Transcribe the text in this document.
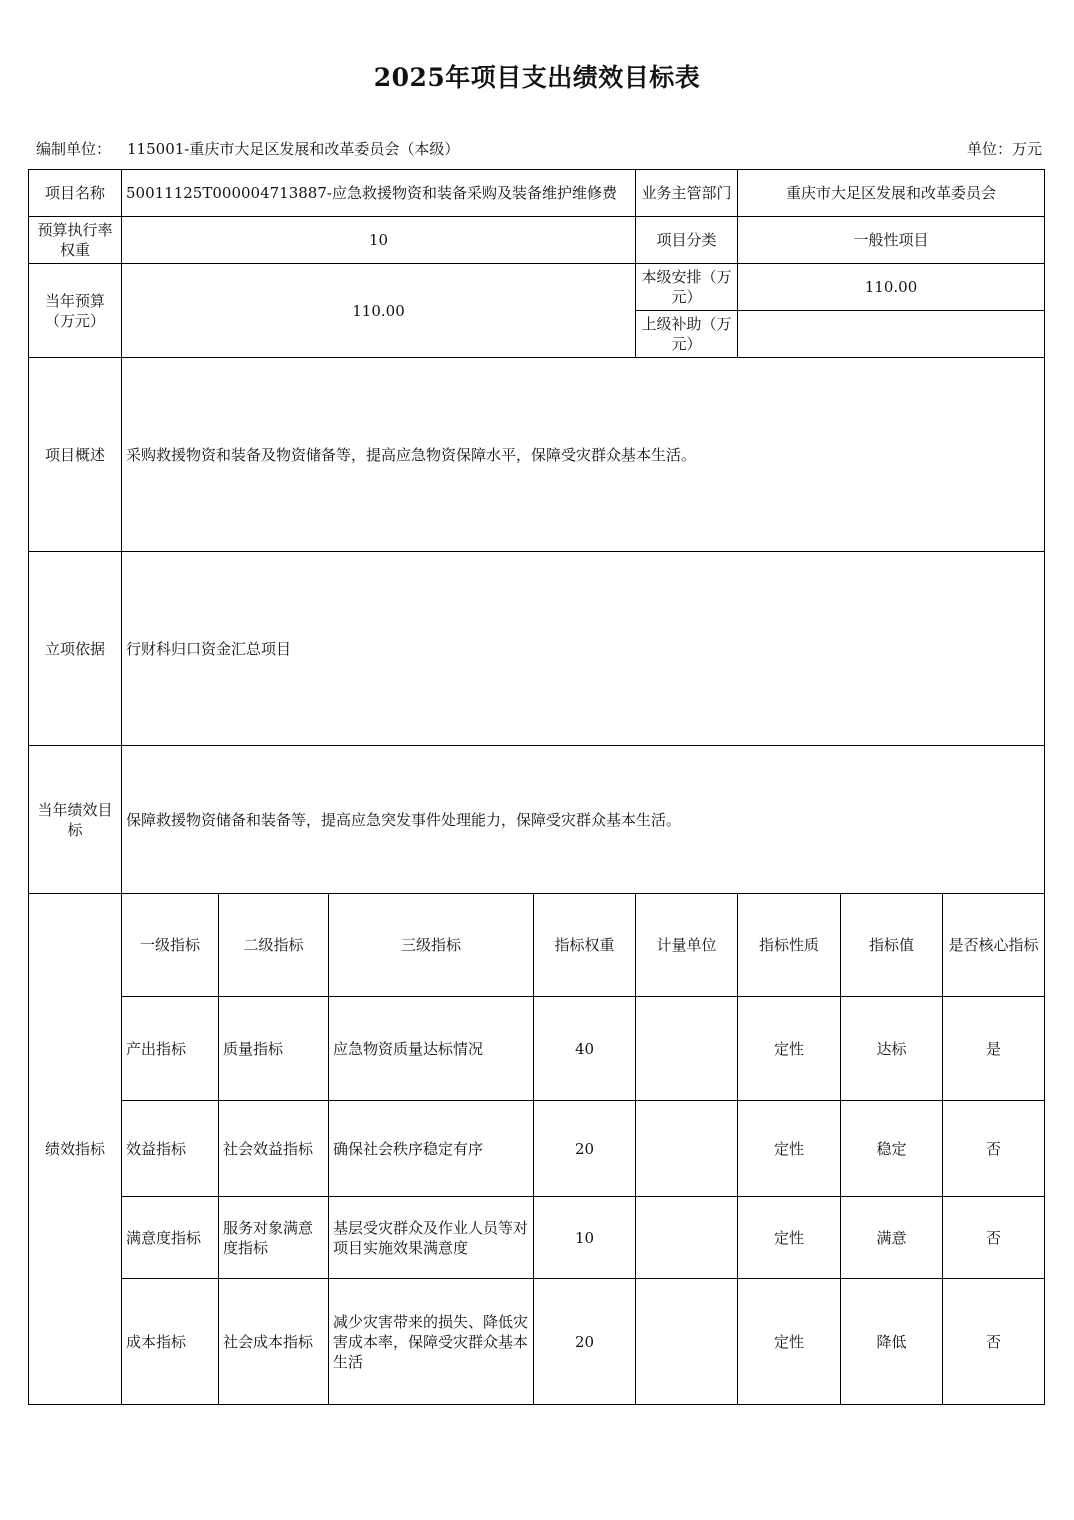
2025年项目支出绩效目标表
编制单位： 115001-重庆市大足区发展和改革委员会（本级）	单位：万元
项目名称	50011125T000004713887-应急救援物资和装备采购及装备维护维修费				业务主管部门	重庆市大足区发展和改革委员会		
预算执行率权重	10				项目分类	一般性项目		
当年预算（万元）	110.00				本级安排（万元）	110.00		
					上级补助（万元）			
项目概述	采购救援物资和装备及物资储备等，提高应急物资保障水平，保障受灾群众基本生活。							
立项依据	行财科归口资金汇总项目							
当年绩效目标	保障救援物资储备和装备等，提高应急突发事件处理能力，保障受灾群众基本生活。							
绩效指标	一级指标	二级指标	三级指标	指标权重	计量单位	指标性质	指标值	是否核心指标
	产出指标	质量指标	应急物资质量达标情况	40		定性	达标	是
	效益指标	社会效益指标	确保社会秩序稳定有序	20		定性	稳定	否
	满意度指标	服务对象满意度指标	基层受灾群众及作业人员等对项目实施效果满意度	10		定性	满意	否
	成本指标	社会成本指标	减少灾害带来的损失、降低灾害成本率，保障受灾群众基本生活	20		定性	降低	否
